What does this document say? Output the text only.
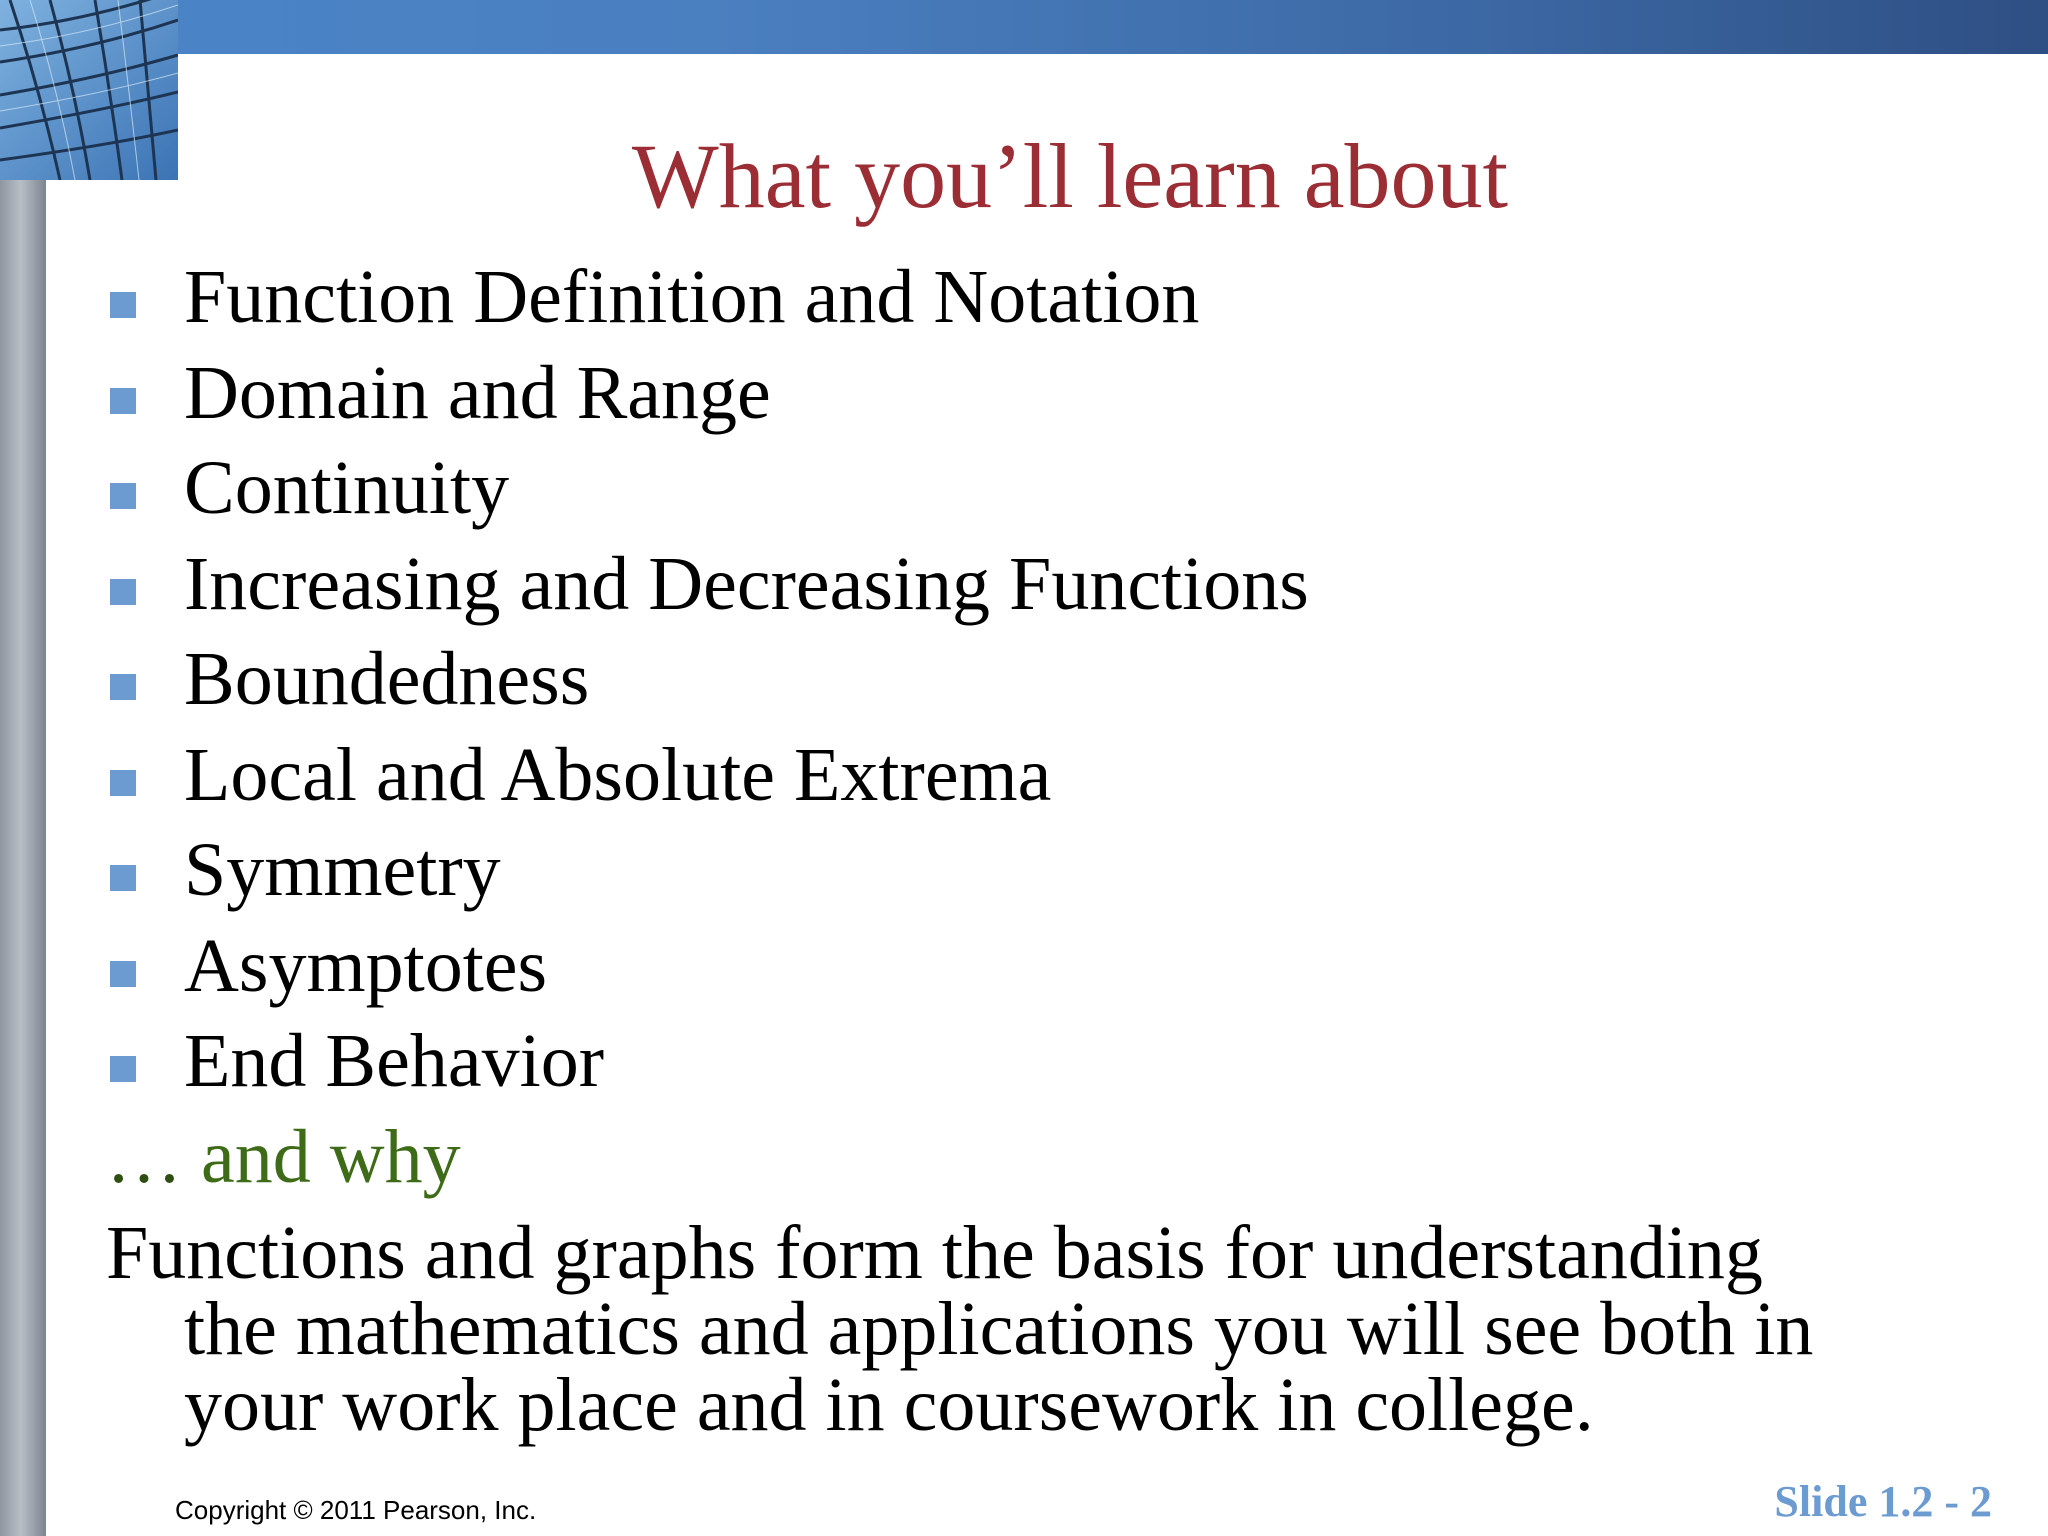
What you’ll learn about
Function Definition and Notation
Domain and Range
Continuity
Increasing and Decreasing Functions
Boundedness
Local and Absolute Extrema
Symmetry
Asymptotes
End Behavior
… and why
Functions and graphs form the basis for understanding
the mathematics and applications you will see both in
your work place and in coursework in college.
Copyright © 2011 Pearson, Inc.	Slide 1.2 - 2
